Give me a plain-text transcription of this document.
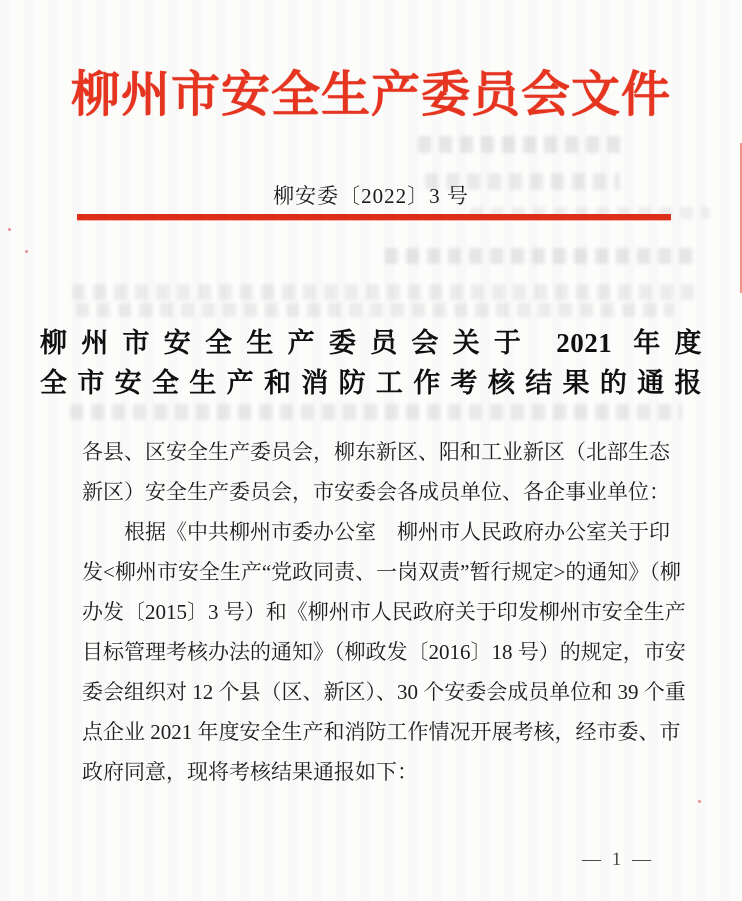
柳州市安全生产委员会文件
柳安委〔2022〕3 号
柳州市安全生产委员会关于 2021 年度
全市安全生产和消防工作考核结果的通报
各县、区安全生产委员会，柳东新区、阳和工业新区（北部生态
新区）安全生产委员会，市安委会各成员单位、各企事业单位：
根据《中共柳州市委办公室　柳州市人民政府办公室关于印
发<柳州市安全生产“党政同责、一岗双责”暂行规定>的通知》（柳
办发〔2015〕3 号）和《柳州市人民政府关于印发柳州市安全生产
目标管理考核办法的通知》（柳政发〔2016〕18 号）的规定，市安
委会组织对 12 个县（区、新区）、30 个安委会成员单位和 39 个重
点企业 2021 年度安全生产和消防工作情况开展考核，经市委、市
政府同意，现将考核结果通报如下：
— 1 —
